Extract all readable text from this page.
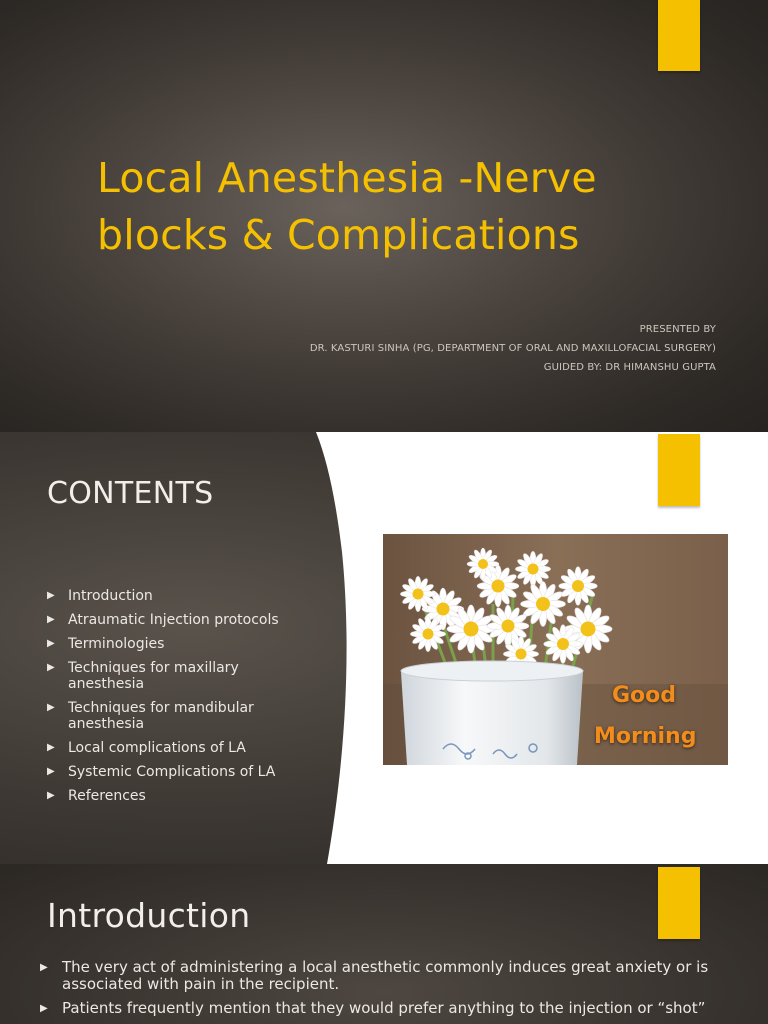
Local Anesthesia -Nerve
blocks & Complications
PRESENTED BY
DR. KASTURI SINHA (PG, DEPARTMENT OF ORAL AND MAXILLOFACIAL SURGERY)
GUIDED BY: DR HIMANSHU GUPTA
CONTENTS
▶ Introduction
▶ Atraumatic Injection protocols
▶ Terminologies
▶ Techniques for maxillary anesthesia
▶ Techniques for mandibular anesthesia
▶ Local complications of LA
▶ Systemic Complications of LA
▶ References
Good
Morning
Introduction
▶ The very act of administering a local anesthetic commonly induces great anxiety or is associated with pain in the recipient.
▶ Patients frequently mention that they would prefer anything to the injection or “shot”
